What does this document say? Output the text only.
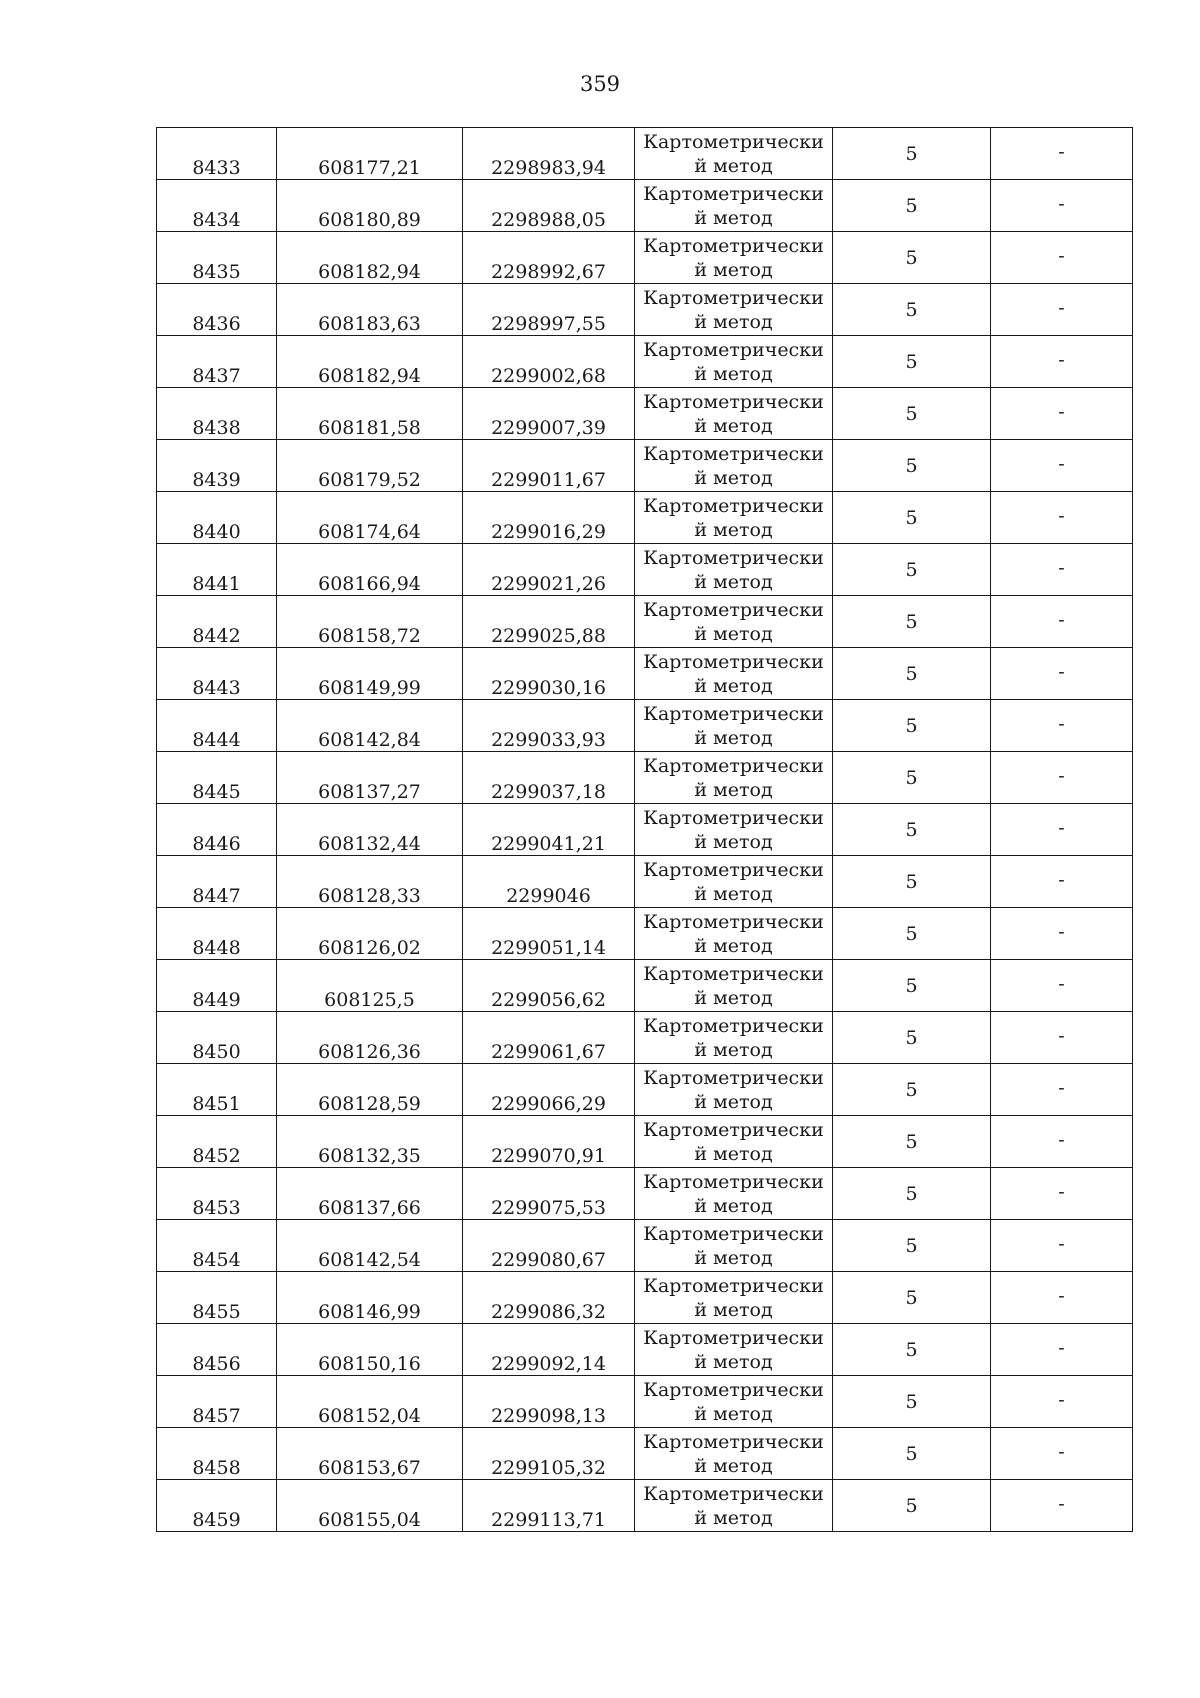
359
8433	608177,21	2298983,94	Картометрически
й метод	5	-
8434	608180,89	2298988,05	Картометрически
й метод	5	-
8435	608182,94	2298992,67	Картометрически
й метод	5	-
8436	608183,63	2298997,55	Картометрически
й метод	5	-
8437	608182,94	2299002,68	Картометрически
й метод	5	-
8438	608181,58	2299007,39	Картометрически
й метод	5	-
8439	608179,52	2299011,67	Картометрически
й метод	5	-
8440	608174,64	2299016,29	Картометрически
й метод	5	-
8441	608166,94	2299021,26	Картометрически
й метод	5	-
8442	608158,72	2299025,88	Картометрически
й метод	5	-
8443	608149,99	2299030,16	Картометрически
й метод	5	-
8444	608142,84	2299033,93	Картометрически
й метод	5	-
8445	608137,27	2299037,18	Картометрически
й метод	5	-
8446	608132,44	2299041,21	Картометрически
й метод	5	-
8447	608128,33	2299046	Картометрически
й метод	5	-
8448	608126,02	2299051,14	Картометрически
й метод	5	-
8449	608125,5	2299056,62	Картометрически
й метод	5	-
8450	608126,36	2299061,67	Картометрически
й метод	5	-
8451	608128,59	2299066,29	Картометрически
й метод	5	-
8452	608132,35	2299070,91	Картометрически
й метод	5	-
8453	608137,66	2299075,53	Картометрически
й метод	5	-
8454	608142,54	2299080,67	Картометрически
й метод	5	-
8455	608146,99	2299086,32	Картометрически
й метод	5	-
8456	608150,16	2299092,14	Картометрически
й метод	5	-
8457	608152,04	2299098,13	Картометрически
й метод	5	-
8458	608153,67	2299105,32	Картометрически
й метод	5	-
8459	608155,04	2299113,71	Картометрически
й метод	5	-
